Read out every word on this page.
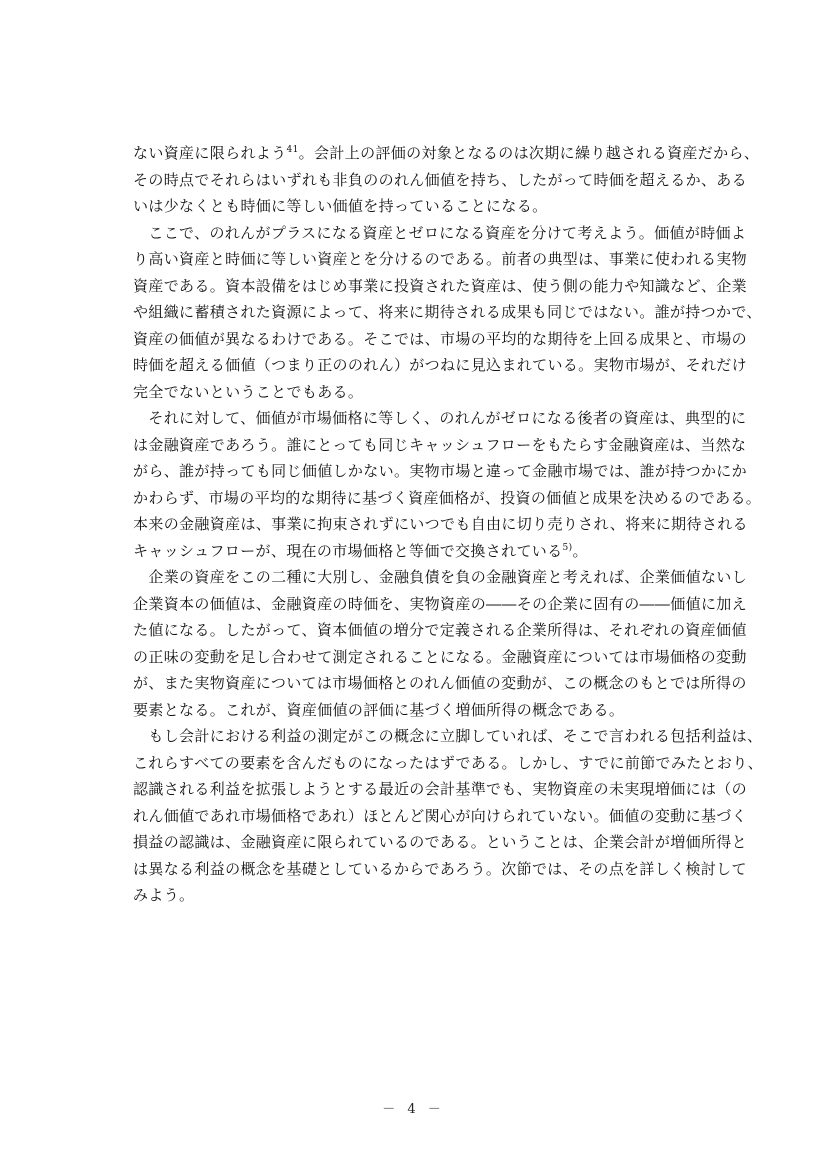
ない資産に限られよう$^{41}$。会計上の評価の対象となるのは次期に繰り越される資産だから、
その時点でそれらはいずれも非負ののれん価値を持ち、したがって時価を超えるか、ある
いは少なくとも時価に等しい価値を持っていることになる。

　ここで、のれんがプラスになる資産とゼロになる資産を分けて考えよう。価値が時価よ
り高い資産と時価に等しい資産とを分けるのである。前者の典型は、事業に使われる実物
資産である。資本設備をはじめ事業に投資された資産は、使う側の能力や知識など、企業
や組織に蓄積された資源によって、将来に期待される成果も同じではない。誰が持つかで、
資産の価値が異なるわけである。そこでは、市場の平均的な期待を上回る成果と、市場の
時価を超える価値（つまり正ののれん）がつねに見込まれている。実物市場が、それだけ
完全でないということでもある。

　それに対して、価値が市場価格に等しく、のれんがゼロになる後者の資産は、典型的に
は金融資産であろう。誰にとっても同じキャッシュフローをもたらす金融資産は、当然な
がら、誰が持っても同じ価値しかない。実物市場と違って金融市場では、誰が持つかにか
かわらず、市場の平均的な期待に基づく資産価格が、投資の価値と成果を決めるのである。
本来の金融資産は、事業に拘束されずにいつでも自由に切り売りされ、将来に期待される
キャッシュフローが、現在の市場価格と等価で交換されている$^{5)}$。

　企業の資産をこの二種に大別し、金融負債を負の金融資産と考えれば、企業価値ないし
企業資本の価値は、金融資産の時価を、実物資産の――その企業に固有の――価値に加え
た値になる。したがって、資本価値の増分で定義される企業所得は、それぞれの資産価値
の正味の変動を足し合わせて測定されることになる。金融資産については市場価格の変動
が、また実物資産については市場価格とのれん価値の変動が、この概念のもとでは所得の
要素となる。これが、資産価値の評価に基づく増価所得の概念である。

　もし会計における利益の測定がこの概念に立脚していれば、そこで言われる包括利益は、
これらすべての要素を含んだものになったはずである。しかし、すでに前節でみたとおり、
認識される利益を拡張しようとする最近の会計基準でも、実物資産の未実現増価には（の
れん価値であれ市場価格であれ）ほとんど関心が向けられていない。価値の変動に基づく
損益の認識は、金融資産に限られているのである。ということは、企業会計が増価所得と
は異なる利益の概念を基礎としているからであろう。次節では、その点を詳しく検討して
みよう。

－ 4 －
